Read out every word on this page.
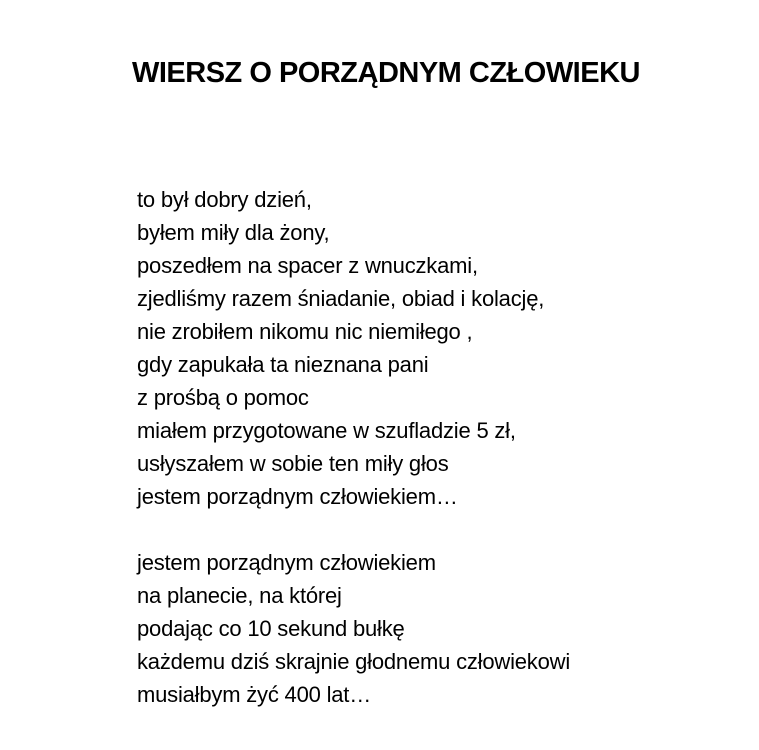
WIERSZ O PORZĄDNYM CZŁOWIEKU
to był dobry dzień,
byłem miły dla żony,
poszedłem na spacer z wnuczkami,
zjedliśmy razem śniadanie, obiad i kolację,
nie zrobiłem nikomu nic niemiłego ,
gdy zapukała ta nieznana pani
z prośbą o pomoc
miałem przygotowane w szufladzie 5 zł,
usłyszałem w sobie ten miły głos
jestem porządnym człowiekiem…
jestem porządnym człowiekiem
na planecie, na której
podając co 10 sekund bułkę
każdemu dziś skrajnie głodnemu człowiekowi
musiałbym żyć 400 lat…
